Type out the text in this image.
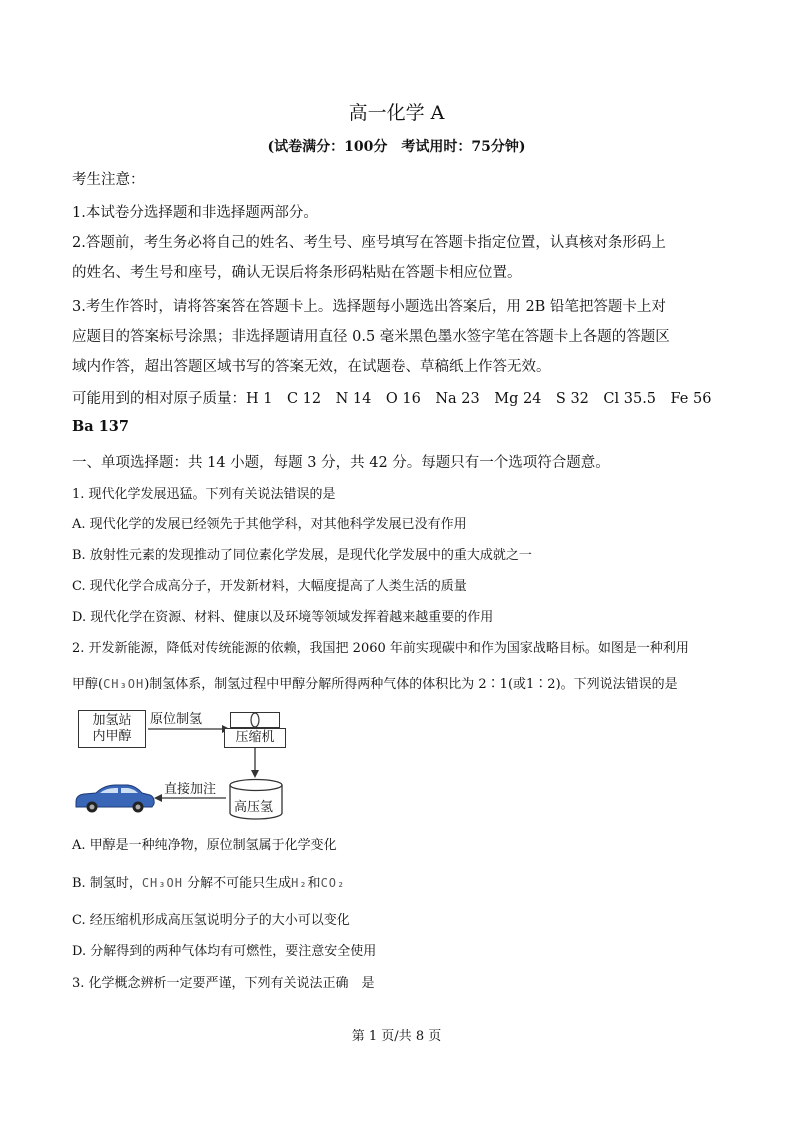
高一化学 A
(试卷满分：100分　考试用时：75分钟)
考生注意：
1.本试卷分选择题和非选择题两部分。
2.答题前，考生务必将自己的姓名、考生号、座号填写在答题卡指定位置，认真核对条形码上
的姓名、考生号和座号，确认无误后将条形码粘贴在答题卡相应位置。
3.考生作答时，请将答案答在答题卡上。选择题每小题选出答案后，用 2B 铅笔把答题卡上对
应题目的答案标号涂黑；非选择题请用直径 0.5 毫米黑色墨水签字笔在答题卡上各题的答题区
域内作答，超出答题区域书写的答案无效，在试题卷、草稿纸上作答无效。
可能用到的相对原子质量：H 1　C 12　N 14　O 16　Na 23　Mg 24　S 32　Cl 35.5　Fe 56
Ba 137
一、单项选择题：共 14 小题，每题 3 分，共 42 分。每题只有一个选项符合题意。
1. 现代化学发展迅猛。下列有关说法错误的是
A. 现代化学的发展已经领先于其他学科，对其他科学发展已没有作用
B. 放射性元素的发现推动了同位素化学发展，是现代化学发展中的重大成就之一
C. 现代化学合成高分子，开发新材料，大幅度提高了人类生活的质量
D. 现代化学在资源、材料、健康以及环境等领域发挥着越来越重要的作用
2. 开发新能源，降低对传统能源的依赖，我国把 2060 年前实现碳中和作为国家战略目标。如图是一种利用
甲醇(CH₃OH)制氢体系，制氢过程中甲醇分解所得两种气体的体积比为 2∶1(或1∶2)。下列说法错误的是
加氢站
内甲醇
原位制氢
压缩机
高压氢
直接加注
A. 甲醇是一种纯净物，原位制氢属于化学变化
B. 制氢时，CH₃OH 分解不可能只生成H₂和CO₂
C. 经压缩机形成高压氢说明分子的大小可以变化
D. 分解得到的两种气体均有可燃性，要注意安全使用
3. 化学概念辨析一定要严谨，下列有关说法正确　是
第 1 页/共 8 页
